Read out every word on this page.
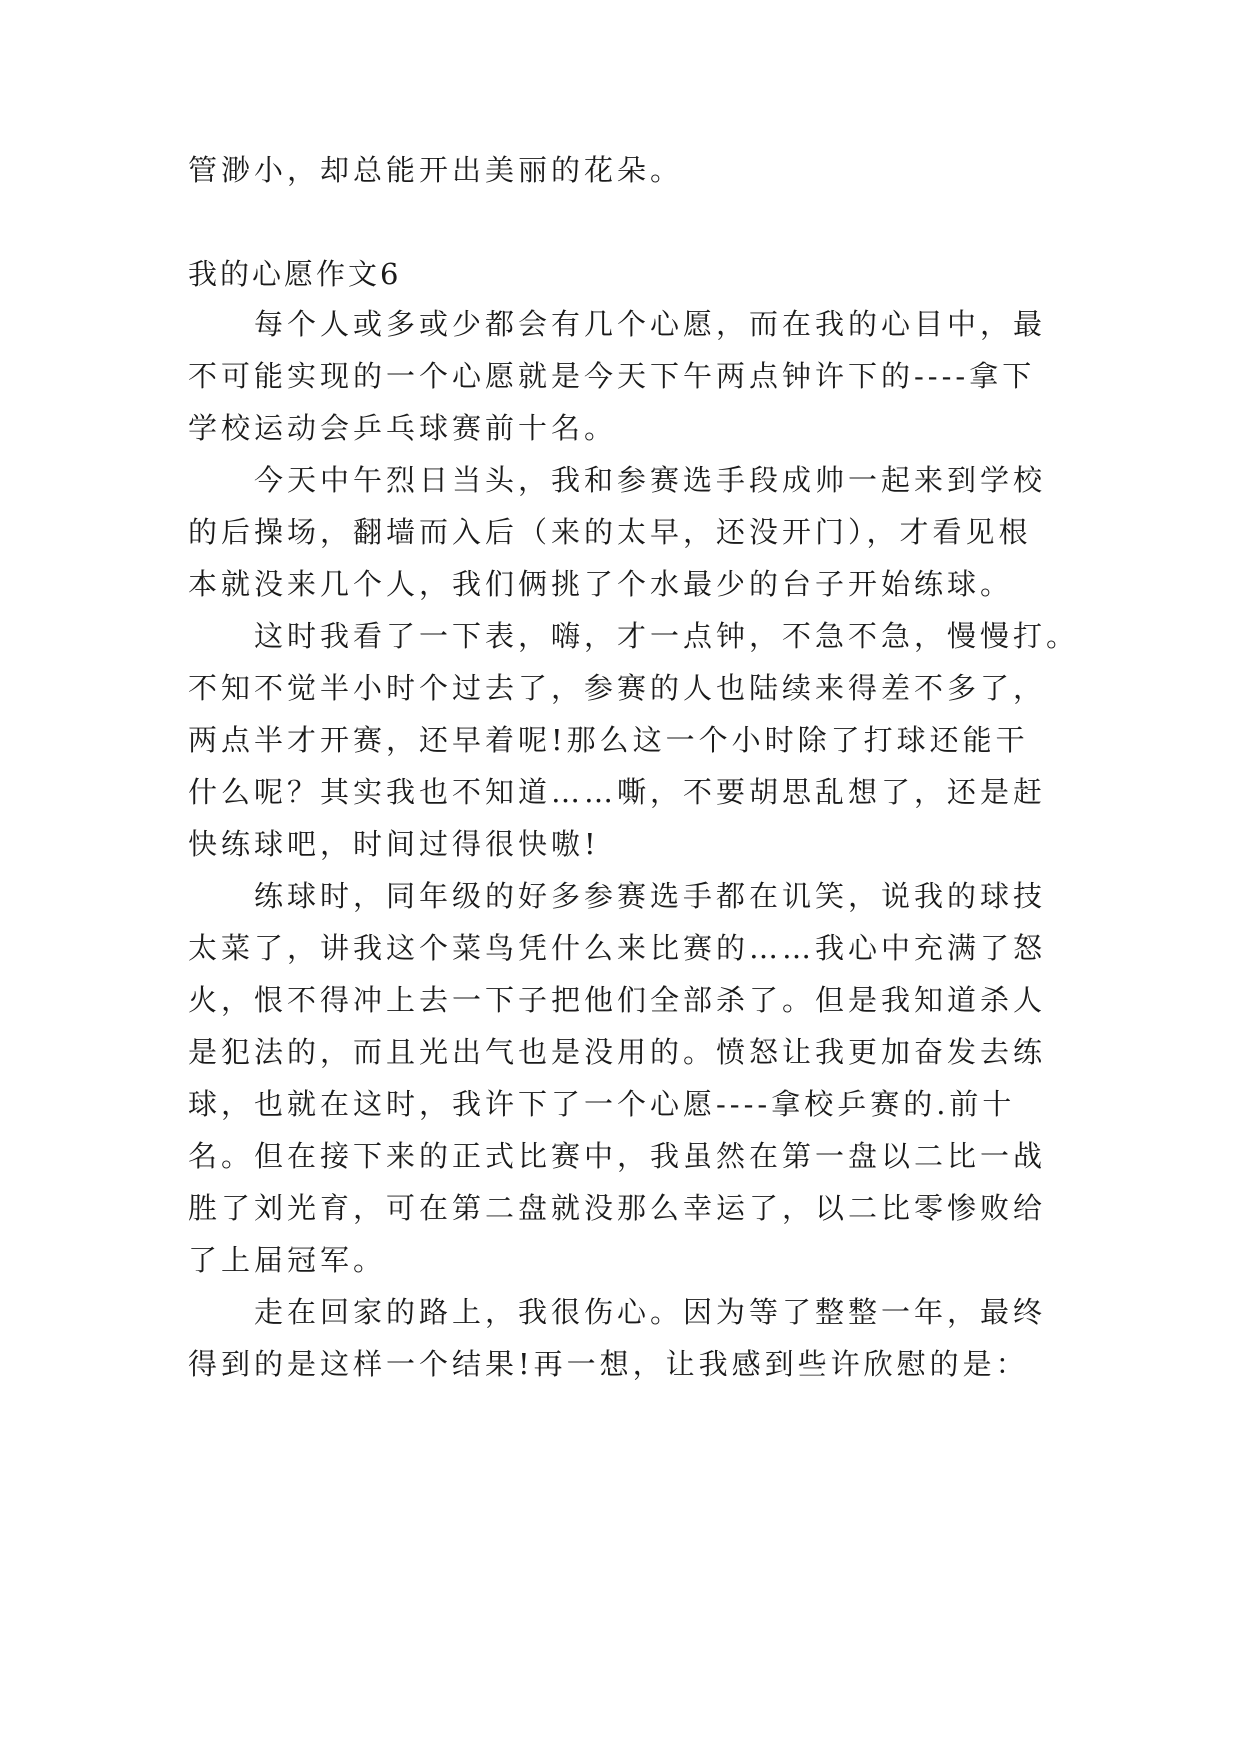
管渺小，却总能开出美丽的花朵。
我的心愿作文6
每个人或多或少都会有几个心愿，而在我的心目中，最
不可能实现的一个心愿就是今天下午两点钟许下的----拿下
学校运动会乒乓球赛前十名。
今天中午烈日当头，我和参赛选手段成帅一起来到学校
的后操场，翻墙而入后（来的太早，还没开门），才看见根
本就没来几个人，我们俩挑了个水最少的台子开始练球。
这时我看了一下表，嗨，才一点钟，不急不急，慢慢打。
不知不觉半小时个过去了，参赛的人也陆续来得差不多了，
两点半才开赛，还早着呢!那么这一个小时除了打球还能干
什么呢？其实我也不知道……嘶，不要胡思乱想了，还是赶
快练球吧，时间过得很快嗷!
练球时，同年级的好多参赛选手都在讥笑，说我的球技
太菜了，讲我这个菜鸟凭什么来比赛的……我心中充满了怒
火，恨不得冲上去一下子把他们全部杀了。但是我知道杀人
是犯法的，而且光出气也是没用的。愤怒让我更加奋发去练
球，也就在这时，我许下了一个心愿----拿校乒赛的.前十
名。但在接下来的正式比赛中，我虽然在第一盘以二比一战
胜了刘光育，可在第二盘就没那么幸运了，以二比零惨败给
了上届冠军。
走在回家的路上，我很伤心。因为等了整整一年，最终
得到的是这样一个结果!再一想，让我感到些许欣慰的是：
